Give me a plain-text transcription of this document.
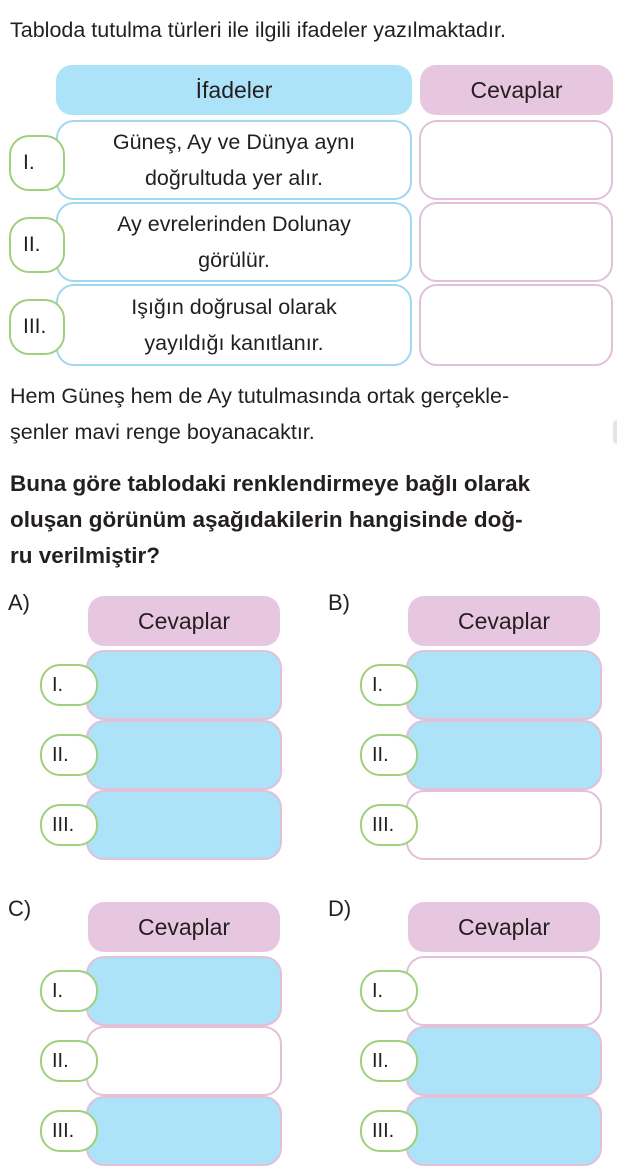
Tabloda tutulma türleri ile ilgili ifadeler yazılmaktadır.
İfadeler	Cevaplar
Güneş, Ay ve Dünya aynı
doğrultuda yer alır.
I.
Ay evrelerinden Dolunay
görülür.
II.
Işığın doğrusal olarak
yayıldığı kanıtlanır.
III.
Hem Güneş hem de Ay tutulmasında ortak gerçekle-
şenler mavi renge boyanacaktır.
Buna göre tablodaki renklendirmeye bağlı olarak
oluşan görünüm aşağıdakilerin hangisinde doğ-
ru verilmiştir?
A)
Cevaplar
I.
II.
III.
B)
Cevaplar
I.
II.
III.
C)
Cevaplar
I.
II.
III.
D)
Cevaplar
I.
II.
III.
